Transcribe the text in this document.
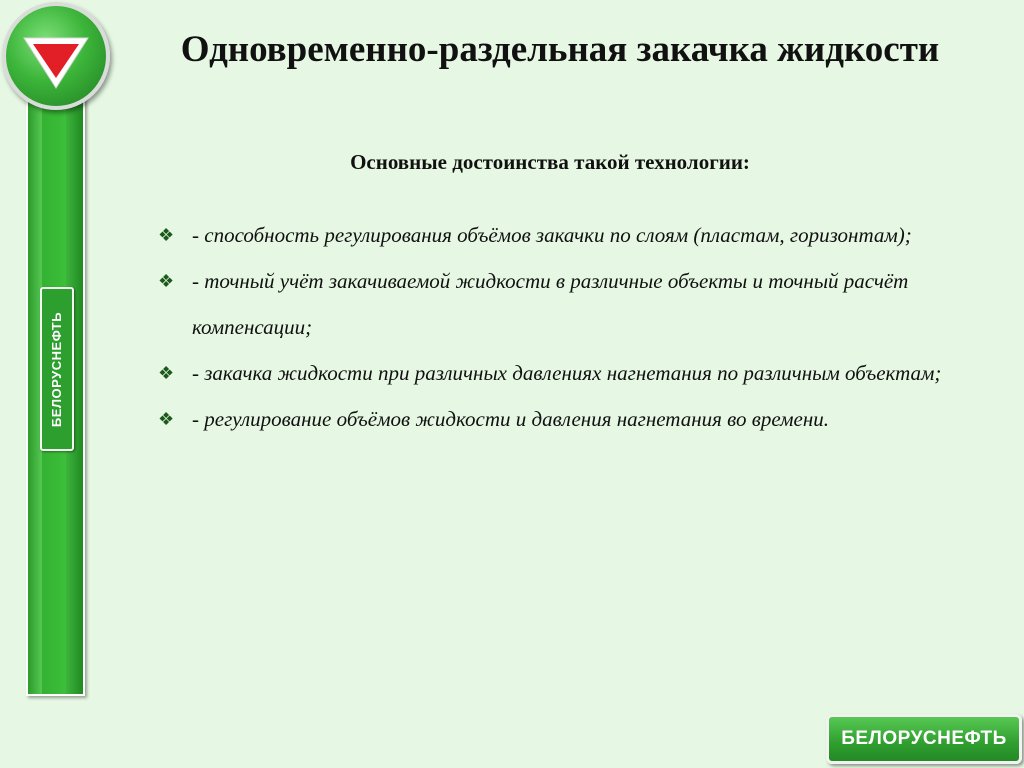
БЕЛОРУСНЕФТЬ
Одновременно-раздельная закачка жидкости
Основные достоинства такой технологии:
❖ - способность регулирования объёмов закачки по слоям (пластам, горизонтам);
❖ - точный учёт закачиваемой жидкости в различные объекты и точный расчёт компенсации;
❖ - закачка жидкости при различных давлениях нагнетания по различным объектам;
❖ - регулирование объёмов жидкости и давления нагнетания во времени.
БЕЛОРУСНЕФТЬ
